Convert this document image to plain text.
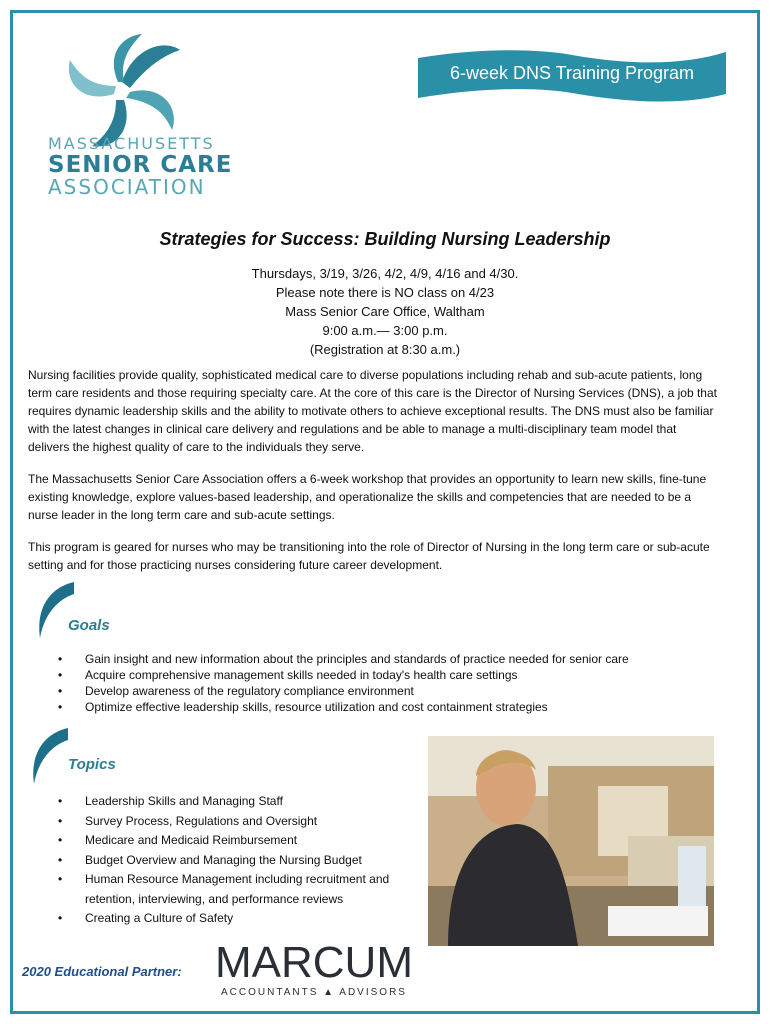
MASSACHUSETTS
SENIOR CARE
ASSOCIATION
6-week DNS Training Program
Strategies for Success: Building Nursing Leadership
Thursdays, 3/19, 3/26, 4/2, 4/9, 4/16 and 4/30.
Please note there is NO class on 4/23
Mass Senior Care Office, Waltham
9:00 a.m.— 3:00 p.m.
(Registration at 8:30 a.m.)

Nursing facilities provide quality, sophisticated medical care to diverse populations including rehab and sub-acute patients, long term care residents and those requiring specialty care. At the core of this care is the Director of Nursing Services (DNS), a job that requires dynamic leadership skills and the ability to motivate others to achieve exceptional results. The DNS must also be familiar with the latest changes in clinical care delivery and regulations and be able to manage a multi-disciplinary team model that delivers the highest quality of care to the individuals they serve.

The Massachusetts Senior Care Association offers a 6-week workshop that provides an opportunity to learn new skills, fine-tune existing knowledge, explore values-based leadership, and operationalize the skills and competencies that are needed to be a nurse leader in the long term care and sub-acute settings.

This program is geared for nurses who may be transitioning into the role of Director of Nursing in the long term care or sub-acute setting and for those practicing nurses considering future career development.

Goals
• Gain insight and new information about the principles and standards of practice needed for senior care
• Acquire comprehensive management skills needed in today's health care settings
• Develop awareness of the regulatory compliance environment
• Optimize effective leadership skills, resource utilization and cost containment strategies
Topics
• Leadership Skills and Managing Staff
• Survey Process, Regulations and Oversight
• Medicare and Medicaid Reimbursement
• Budget Overview and Managing the Nursing Budget
• Human Resource Management including recruitment and retention, interviewing, and performance reviews
• Creating a Culture of Safety
2020 Educational Partner: MARCUM
ACCOUNTANTS ▲ ADVISORS
